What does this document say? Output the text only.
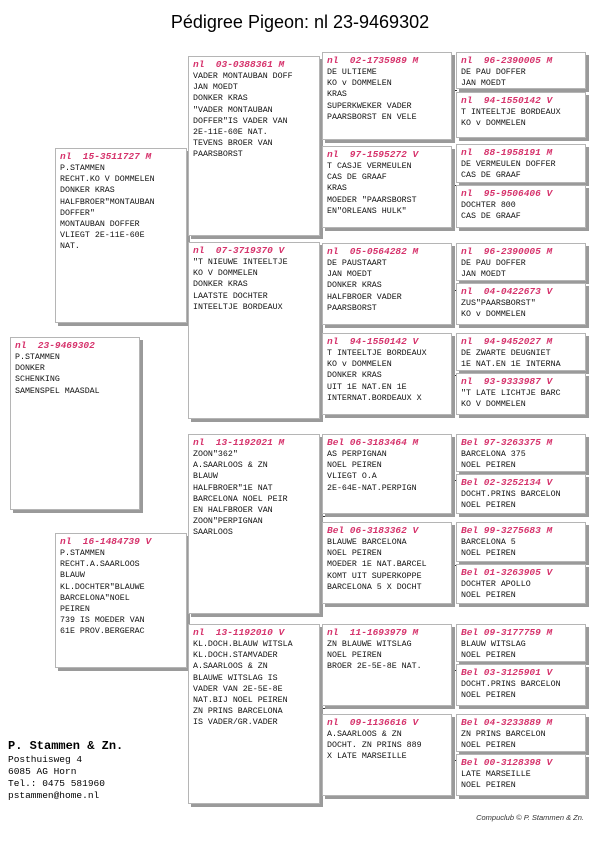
Pédigree Pigeon: nl 23-9469302
nl  23-9469302
P.STAMMEN
DONKER
SCHENKING
SAMENSPEL MAASDAL
nl  15-3511727 M
P.STAMMEN
RECHT.KO V DOMMELEN
DONKER KRAS
HALFBROER"MONTAUBAN
DOFFER"
MONTAUBAN DOFFER
VLIEGT 2E-11E-60E
NAT.
nl  16-1484739 V
P.STAMMEN
RECHT.A.SAARLOOS
BLAUW
KL.DOCHTER"BLAUWE
BARCELONA"NOEL
PEIREN
739 IS MOEDER VAN
61E PROV.BERGERAC
nl  03-0388361 M
VADER MONTAUBAN DOFF
JAN MOEDT
DONKER KRAS
"VADER MONTAUBAN
DOFFER"IS VADER VAN
2E-11E-60E NAT.
TEVENS BROER VAN
PAARSBORST
nl  07-3719370 V
"T NIEUWE INTEELTJE
KO V DOMMELEN
DONKER KRAS
LAATSTE DOCHTER
INTEELTJE BORDEAUX
nl  13-1192021 M
ZOON"362"
A.SAARLOOS & ZN
BLAUW
HALFBROER"1E NAT
BARCELONA NOEL PEIR
EN HALFBROER VAN
ZOON"PERPIGNAN
SAARLOOS
nl  13-1192010 V
KL.DOCH.BLAUW WITSLA
KL.DOCH.STAMVADER
A.SAARLOOS & ZN
BLAUWE WITSLAG IS
VADER VAN 2E-5E-8E
NAT.BIJ NOEL PEIREN
ZN PRINS BARCELONA
IS VADER/GR.VADER
nl  02-1735989 M
DE ULTIEME
KO v DOMMELEN
KRAS
SUPERKWEKER VADER
PAARSBORST EN VELE
nl  97-1595272 V
T CASJE VERMEULEN
CAS DE GRAAF
KRAS
MOEDER "PAARSBORST
EN"ORLEANS HULK"
nl  05-0564282 M
DE PAUSTAART
JAN MOEDT
DONKER KRAS
HALFBROER VADER
PAARSBORST
nl  94-1550142 V
T INTEELTJE BORDEAUX
KO v DOMMELEN
DONKER KRAS
UIT 1E NAT.EN 1E
INTERNAT.BORDEAUX X
Bel 06-3183464 M
AS PERPIGNAN
NOEL PEIREN
VLIEGT O.A
2E-64E-NAT.PERPIGN
Bel 06-3183362 V
BLAUWE BARCELONA
NOEL PEIREN
MOEDER 1E NAT.BARCEL
KOMT UIT SUPERKOPPE
BARCELONA 5 X DOCHT
nl  11-1693979 M
ZN BLAUWE WITSLAG
NOEL PEIREN
BROER 2E-5E-8E NAT.
nl  09-1136616 V
A.SAARLOOS & ZN
DOCHT. ZN PRINS 889
X LATE MARSEILLE
nl  96-2390005 M
DE PAU DOFFER
JAN MOEDT
nl  94-1550142 V
T INTEELTJE BORDEAUX
KO v DOMMELEN
nl  88-1958191 M
DE VERMEULEN DOFFER
CAS DE GRAAF
nl  95-9506406 V
DOCHTER 800
CAS DE GRAAF
nl  96-2390005 M
DE PAU DOFFER
JAN MOEDT
nl  04-0422673 V
ZUS"PAARSBORST"
KO v DOMMELEN
nl  94-9452027 M
DE ZWARTE DEUGNIET
1E NAT.EN 1E INTERNA
nl  93-9333987 V
"T LATE LICHTJE BARC
KO V DOMMELEN
Bel 97-3263375 M
BARCELONA 375
NOEL PEIREN
Bel 02-3252134 V
DOCHT.PRINS BARCELON
NOEL PEIREN
Bel 99-3275683 M
BARCELONA 5
NOEL PEIREN
Bel 01-3263905 V
DOCHTER APOLLO
NOEL PEIREN
Bel 09-3177759 M
BLAUW WITSLAG
NOEL PEIREN
Bel 03-3125901 V
DOCHT.PRINS BARCELON
NOEL PEIREN
Bel 04-3233889 M
ZN PRINS BARCELON
NOEL PEIREN
Bel 00-3128398 V
LATE MARSEILLE
NOEL PEIREN
P. Stammen & Zn.
Posthuisweg 4
6085 AG Horn
Tel.: 0475 581960
pstammen@home.nl
Compuclub © P. Stammen & Zn.
